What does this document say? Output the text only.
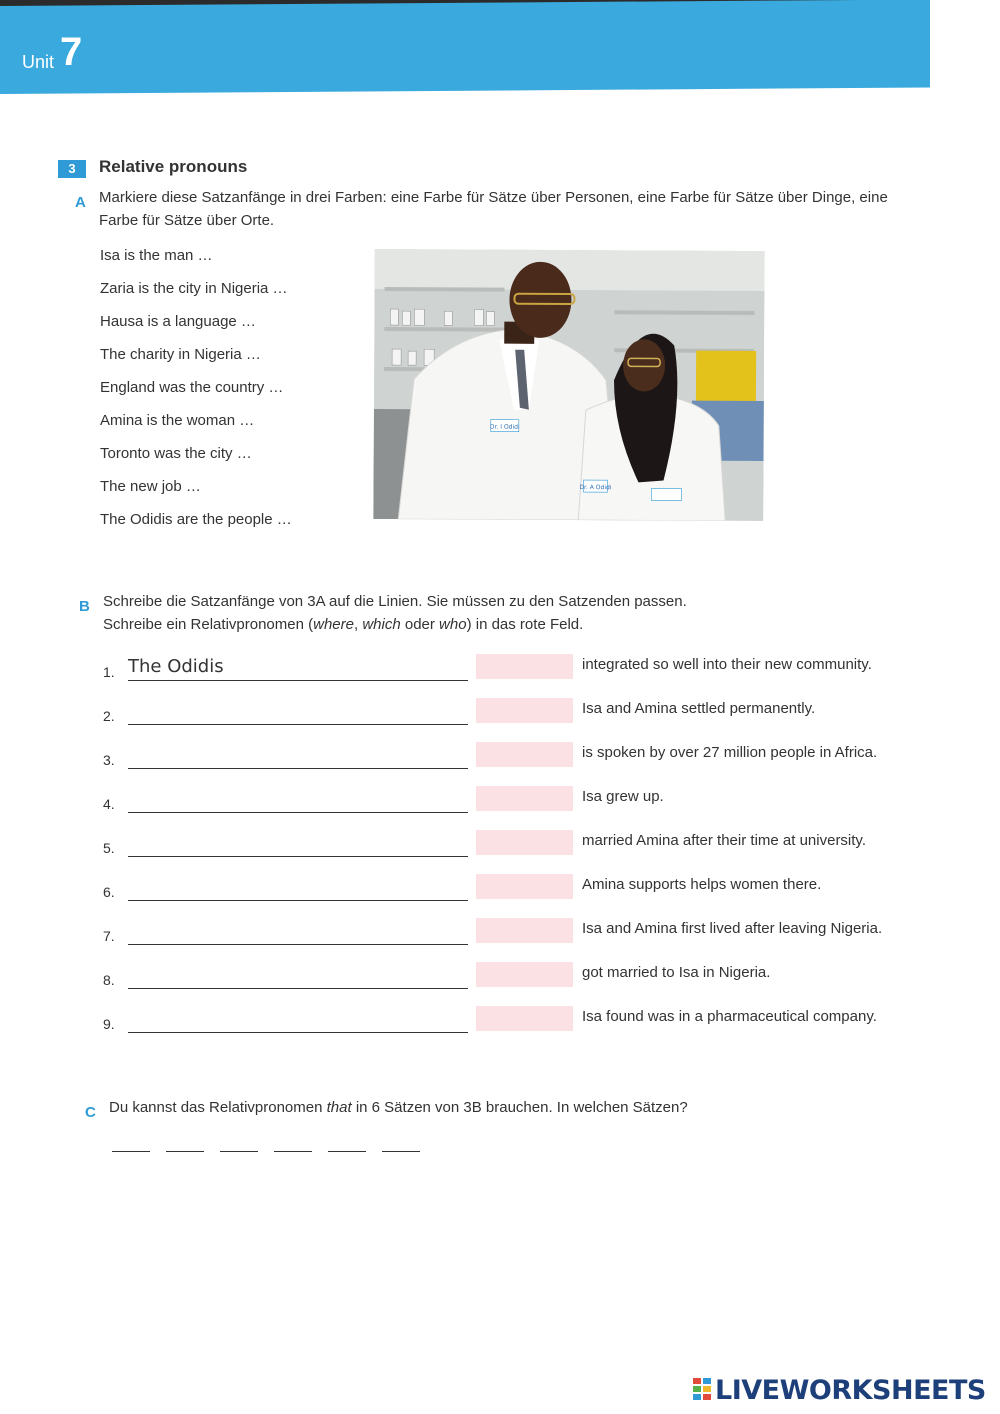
Unit 7
3	Relative pronouns
A Markiere diese Satzanfänge in drei Farben: eine Farbe für Sätze über Personen, eine Farbe für Sätze über Dinge, eine Farbe für Sätze über Orte.
Isa is the man …
Zaria is the city in Nigeria …
Hausa is a language …
The charity in Nigeria …
England was the country …
Amina is the woman …
Toronto was the city …
The new job …
The Odidis are the people …
Dr. I Odidi
Dr. A Odidi
B Schreibe die Satzanfänge von 3A auf die Linien. Sie müssen zu den Satzenden passen.
Schreibe ein Relativpronomen (where, which oder who) in das rote Feld.
1. The Odidis	integrated so well into their new community.
2.	Isa and Amina settled permanently.
3.	is spoken by over 27 million people in Africa.
4.	Isa grew up.
5.	married Amina after their time at university.
6.	Amina supports helps women there.
7.	Isa and Amina first lived after leaving Nigeria.
8.	got married to Isa in Nigeria.
9.	Isa found was in a pharmaceutical company.
C Du kannst das Relativpronomen that in 6 Sätzen von 3B brauchen. In welchen Sätzen?
LIVEWORKSHEETS
